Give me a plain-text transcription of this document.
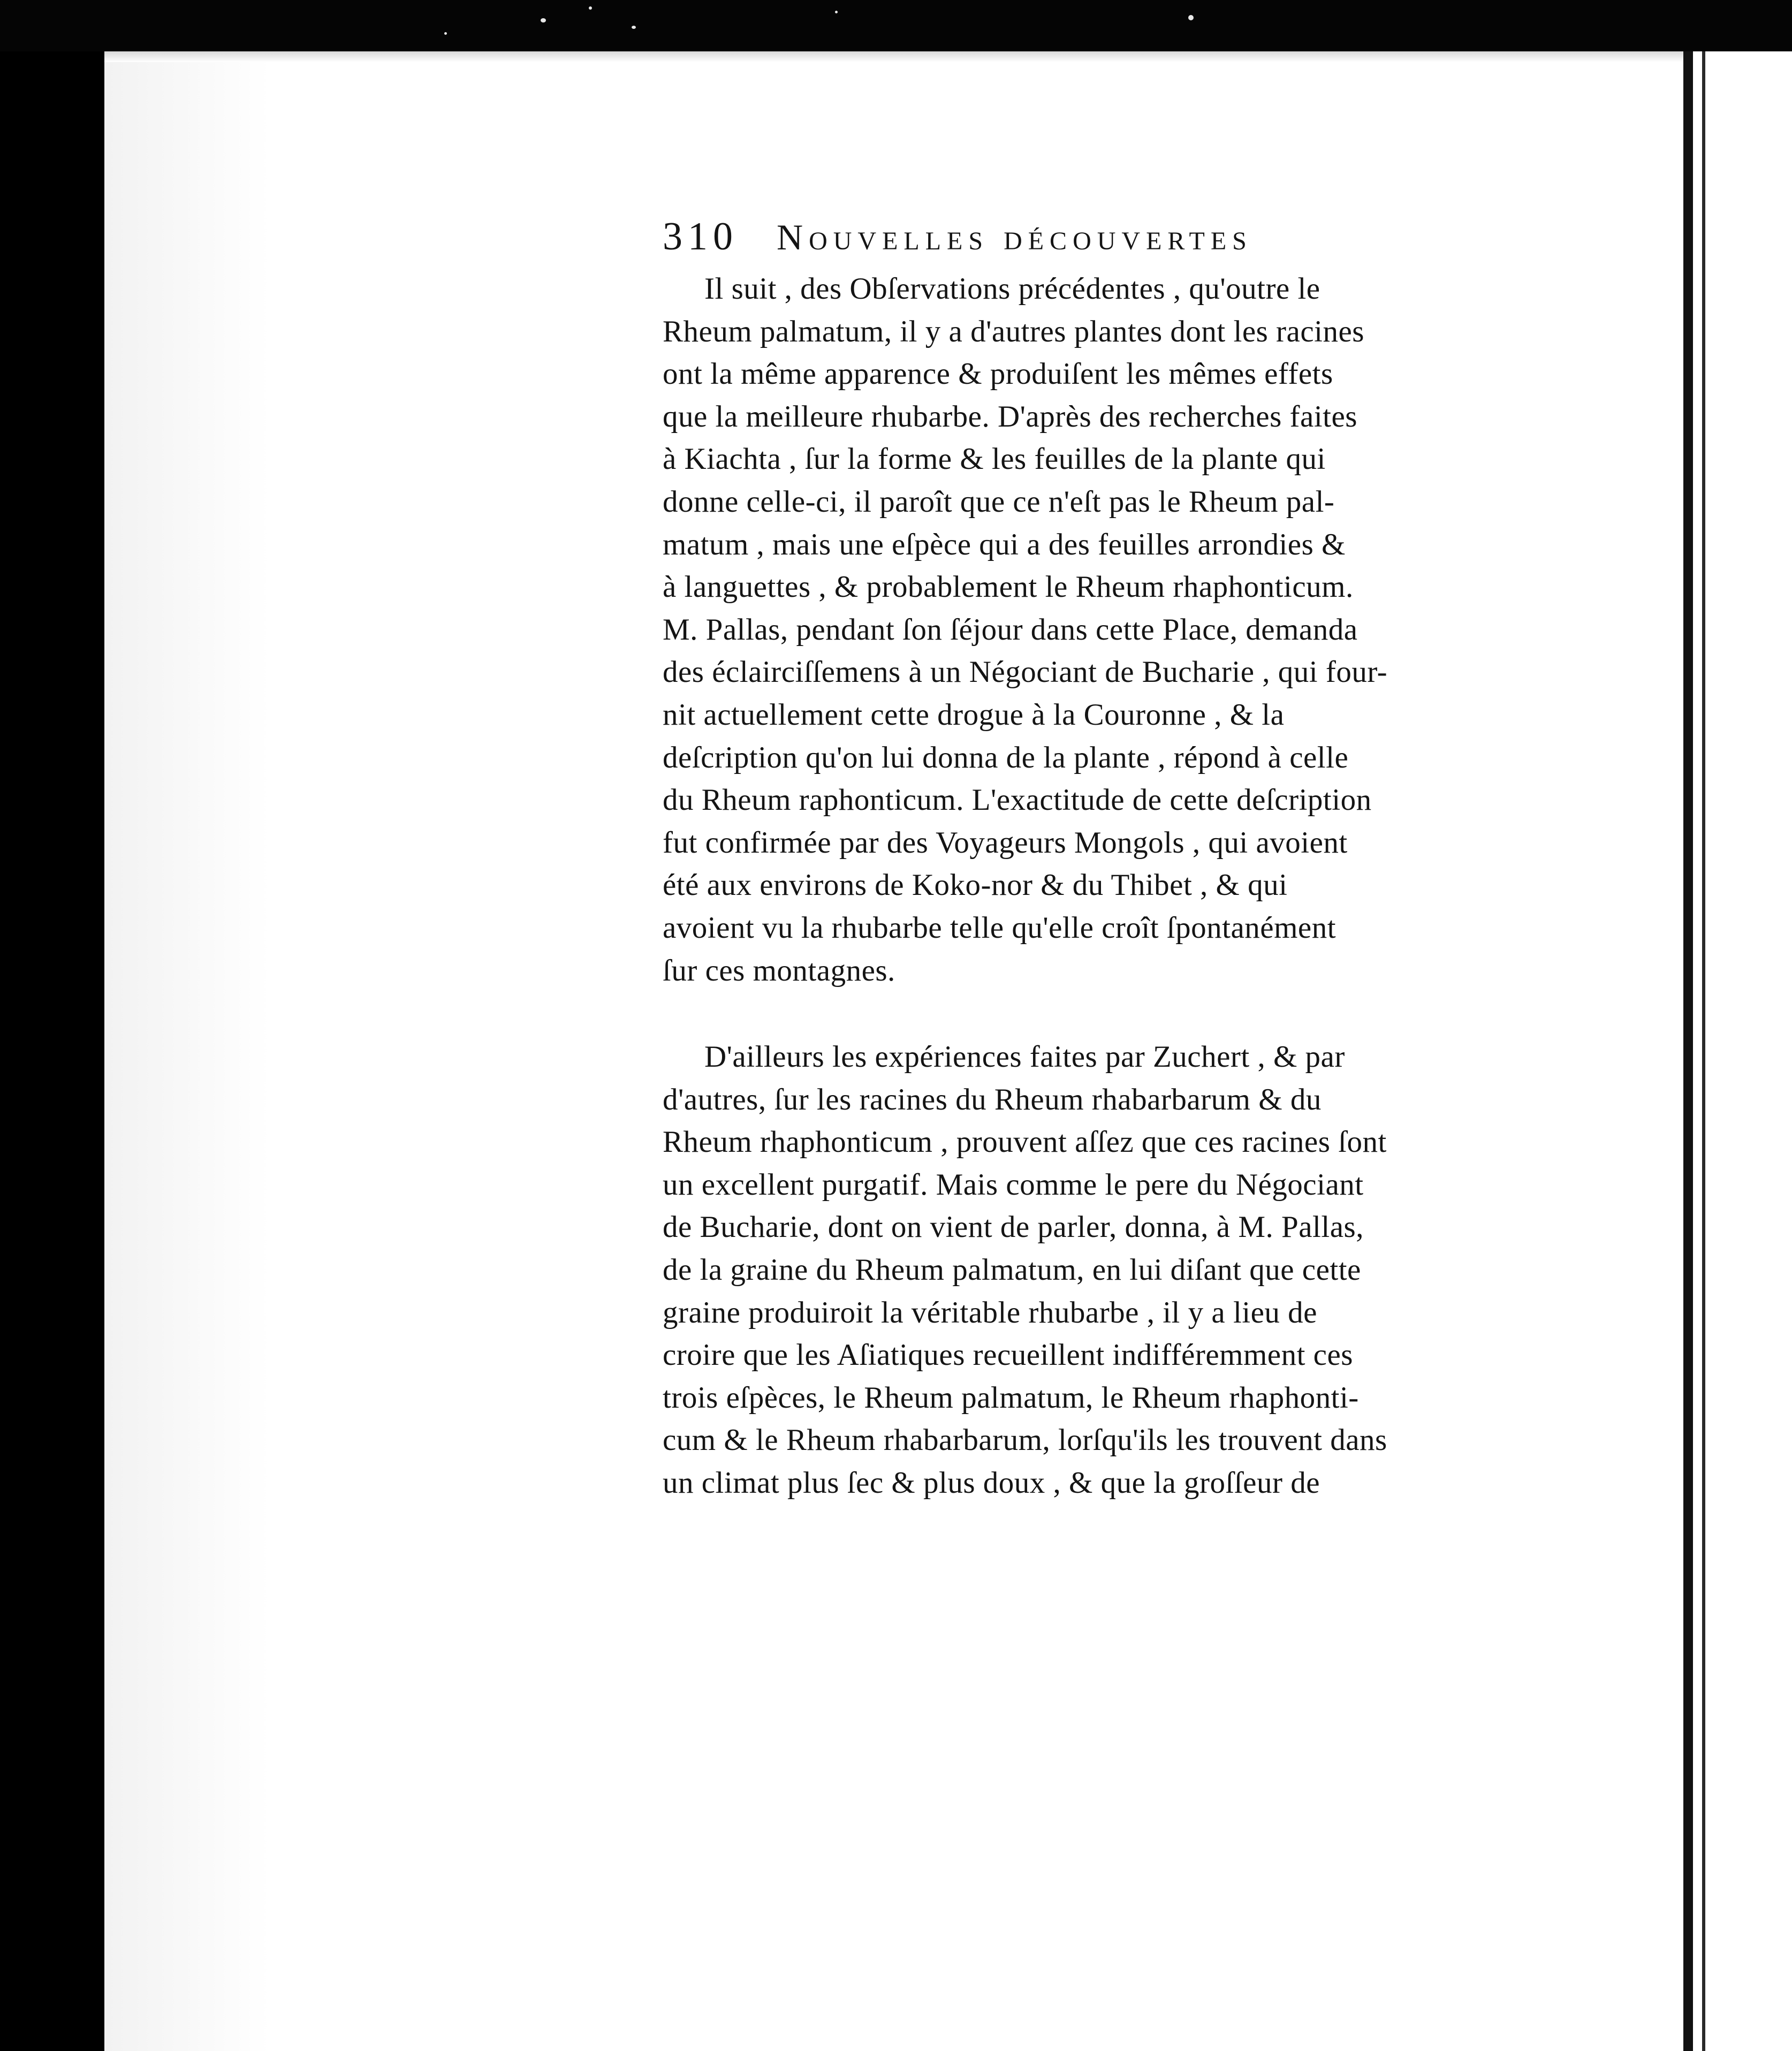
310 Nouvelles découvertes
Il suit , des Obſervations précédentes , qu'outre le
Rheum palmatum, il y a d'autres plantes dont les racines
ont la même apparence & produiſent les mêmes effets
que la meilleure rhubarbe. D'après des recherches faites
à Kiachta , ſur la forme & les feuilles de la plante qui
donne celle-ci, il paroît que ce n'eſt pas le Rheum pal-
matum , mais une eſpèce qui a des feuilles arrondies &
à languettes , & probablement le Rheum rhaphonticum.
M. Pallas, pendant ſon ſéjour dans cette Place, demanda
des éclairciſſemens à un Négociant de Bucharie , qui four-
nit actuellement cette drogue à la Couronne , & la
deſcription qu'on lui donna de la plante , répond à celle
du Rheum raphonticum. L'exactitude de cette deſcription
fut confirmée par des Voyageurs Mongols , qui avoient
été aux environs de Koko-nor & du Thibet , & qui
avoient vu la rhubarbe telle qu'elle croît ſpontanément
ſur ces montagnes.
D'ailleurs les expériences faites par Zuchert , & par
d'autres, ſur les racines du Rheum rhabarbarum & du
Rheum rhaphonticum , prouvent aſſez que ces racines ſont
un excellent purgatif. Mais comme le pere du Négociant
de Bucharie, dont on vient de parler, donna, à M. Pallas,
de la graine du Rheum palmatum, en lui diſant que cette
graine produiroit la véritable rhubarbe , il y a lieu de
croire que les Aſiatiques recueillent indifféremment ces
trois eſpèces, le Rheum palmatum, le Rheum rhaphonti-
cum & le Rheum rhabarbarum, lorſqu'ils les trouvent dans
un climat plus ſec & plus doux , & que la groſſeur de
